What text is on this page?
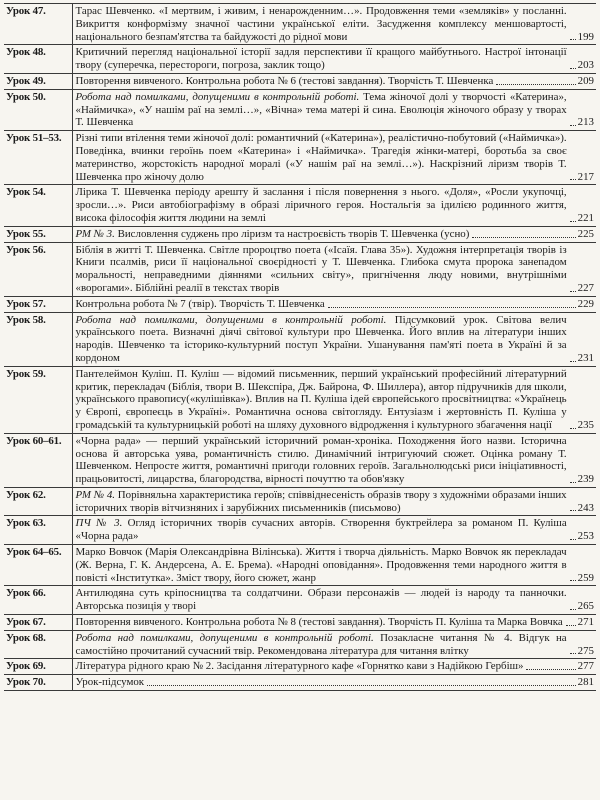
Урок 47.	Тарас Шевченко. «І мертвим, і живим, і ненарожденним…». Продовження теми «земляків» у посланні. Викриття конформізму значної частини української еліти. Засудження комплексу меншовартості, національного безпам'ятства та байдужості до рідної мови 199

Урок 48.	Критичний перегляд національної історії задля перспективи її кращого майбутнього. Настрої інтонації твору (суперечка, перестороги, погроза, заклик тощо) 203

Урок 49.	Повторення вивченого. Контрольна робота № 6 (тестові завдання). Творчість Т. Шевченка 209

Урок 50.	Робота над помилками, допущеними в контрольній роботі. Тема жіночої долі у творчості «Катерина», «Наймичка», «У нашім раї на землі…», «Вічна» тема матері й сина. Еволюція жіночого образу у творах Т. Шевченка 213

Урок 51–53.	Різні типи втілення теми жіночої долі: романтичний («Катерина»), реалістично-побутовий («Наймичка»). Поведінка, вчинки героїнь поем «Катерина» і «Наймичка». Трагедія жінки-матері, боротьба за своє материнство, жорстокість народної моралі («У нашім раї на землі…»). Наскрізний ліризм творів Т. Шевченка про жіночу долю 217

Урок 54.	Лірика Т. Шевченка періоду арешту й заслання і після повернення з нього. «Доля», «Росли укупочці, зросли…». Риси автобіографізму в образі ліричного героя. Ностальгія за ідилією родинного життя, висока філософія життя людини на землі 221

Урок 55.	РМ № 3. Висловлення суджень про ліризм та настроєвість творів Т. Шевченка (усно) 225

Урок 56.	Біблія в житті Т. Шевченка. Світле пророцтво поета («Ісаїя. Глава 35»). Художня інтерпретація творів із Книги псалмів, риси її національної своєрідності у Т. Шевченка. Глибока смута пророка занепадом моральності, неправедними діяннями «сильних світу», пригнічення люду новими, внутрішніми «ворогами». Біблійні реалії в текстах творів 227

Урок 57.	Контрольна робота № 7 (твір). Творчість Т. Шевченка 229

Урок 58.	Робота над помилками, допущеними в контрольній роботі. Підсумковий урок. Світова велич українського поета. Визначні діячі світової культури про Шевченка. Його вплив на літератури інших народів. Шевченко та історико-культурний поступ України. Ушанування пам'яті поета в Україні й за кордоном 231

Урок 59.	Пантелеймон Куліш. П. Куліш — відомий письменник, перший український професійний літературний критик, перекладач (Біблія, твори В. Шекспіра, Дж. Байрона, Ф. Шиллера), автор підручників для школи, українського правопису(«кулішівка»). Вплив на П. Куліша ідей європейського просвітництва: «Українець у Європі, європеєць в Україні». Романтична основа світогляду. Ентузіазм і жертовність П. Куліша у громадській та культурницькій роботі на шляху духовного відродження і культурного збагачення нації 235

Урок 60–61.	«Чорна рада» — перший український історичний роман-хроніка. Походження його назви. Історична основа й авторська уява, романтичність стилю. Динамічний інтригуючий сюжет. Оцінка роману Т. Шевченком. Непросте життя, романтичні пригоди головних героїв. Загальнолюдські риси ініціативності, працьовитості, лицарства, благородства, вірності почуттю та обов'язку 239

Урок 62.	РМ № 4. Порівняльна характеристика героїв; співвіднесеність образів твору з художніми образами інших історичних творів вітчизняних і зарубіжних письменників (письмово) 243

Урок 63.	ПЧ № 3. Огляд історичних творів сучасних авторів. Створення буктрейлера за романом П. Куліша «Чорна рада» 253

Урок 64–65.	Марко Вовчок (Марія Олександрівна Вілінська). Життя і творча діяльність. Марко Вовчок як перекладач (Ж. Верна, Г. К. Андерсена, А. Е. Брема). «Народні оповідання». Продовження теми народного життя в повісті «Інститутка». Зміст твору, його сюжет, жанр 259

Урок 66.	Антилюдяна суть кріпосництва та солдатчини. Образи персонажів — людей із народу та панночки. Авторська позиція у творі 265

Урок 67.	Повторення вивченого. Контрольна робота № 8 (тестові завдання). Творчість П. Куліша та Марка Вовчка 271

Урок 68.	Робота над помилками, допущеними в контрольній роботі. Позакласне читання № 4. Відгук на самостійно прочитаний сучасний твір. Рекомендована література для читання влітку 275

Урок 69.	Література рідного краю № 2. Засідання літературного кафе «Горнятко кави з Надійкою Гербіш» 277

Урок 70.	Урок-підсумок 281
